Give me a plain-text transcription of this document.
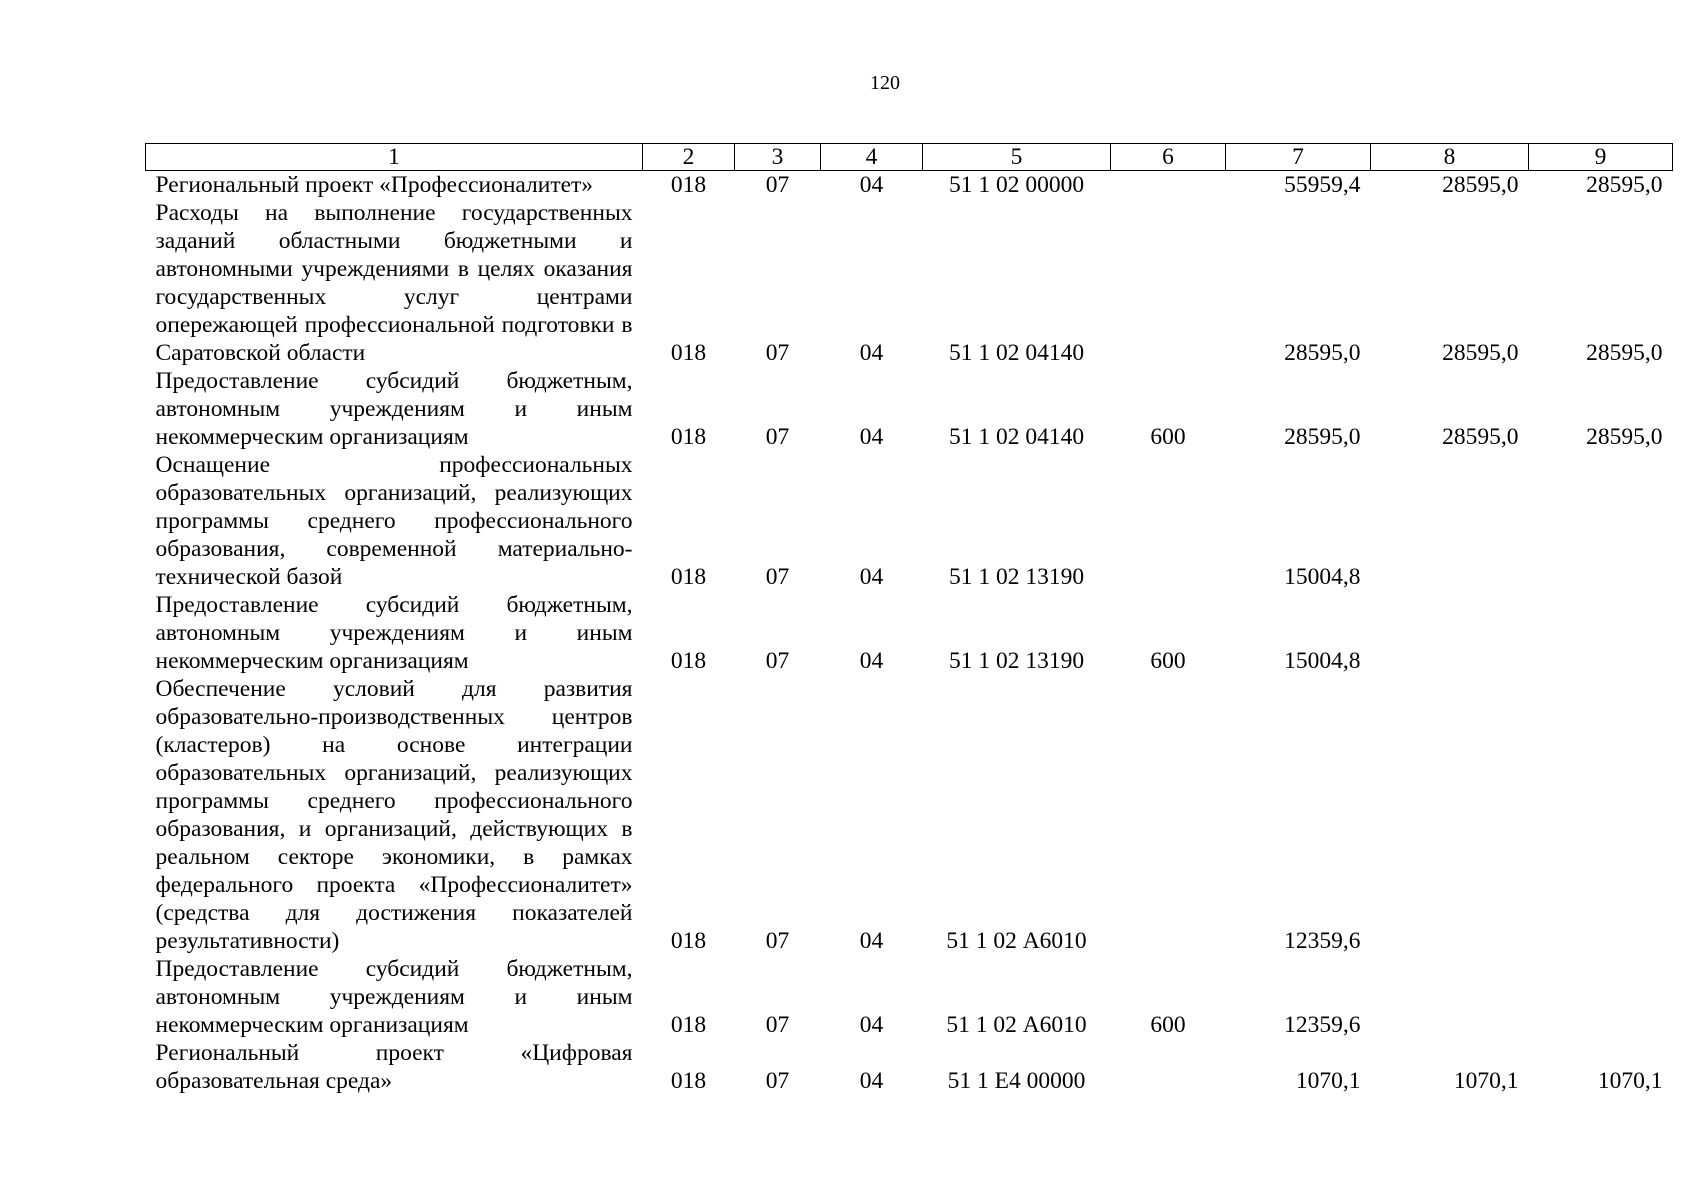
120
1	2	3	4	5	6	7	8	9
Региональный проект «Профессионалитет»	018	07	04	51 1 02 00000		55959,4	28595,0	28595,0
Расходы на выполнение государственных заданий областными бюджетными и автономными учреждениями в целях оказания государственных услуг центрами опережающей профессиональной подготовки в Саратовской области	018	07	04	51 1 02 04140		28595,0	28595,0	28595,0
Предоставление субсидий бюджетным, автономным учреждениям и иным некоммерческим организациям	018	07	04	51 1 02 04140	600	28595,0	28595,0	28595,0
Оснащение профессиональных образовательных организаций, реализующих программы среднего профессионального образования, современной материально-технической базой	018	07	04	51 1 02 13190		15004,8		
Предоставление субсидий бюджетным, автономным учреждениям и иным некоммерческим организациям	018	07	04	51 1 02 13190	600	15004,8		
Обеспечение условий для развития образовательно-производственных центров (кластеров) на основе интеграции образовательных организаций, реализующих программы среднего профессионального образования, и организаций, действующих в реальном секторе экономики, в рамках федерального проекта «Профессионалитет» (средства для достижения показателей результативности)	018	07	04	51 1 02 А6010		12359,6		
Предоставление субсидий бюджетным, автономным учреждениям и иным некоммерческим организациям	018	07	04	51 1 02 А6010	600	12359,6		
Региональный проект «Цифровая образовательная среда»	018	07	04	51 1 Е4 00000		1070,1	1070,1	1070,1
